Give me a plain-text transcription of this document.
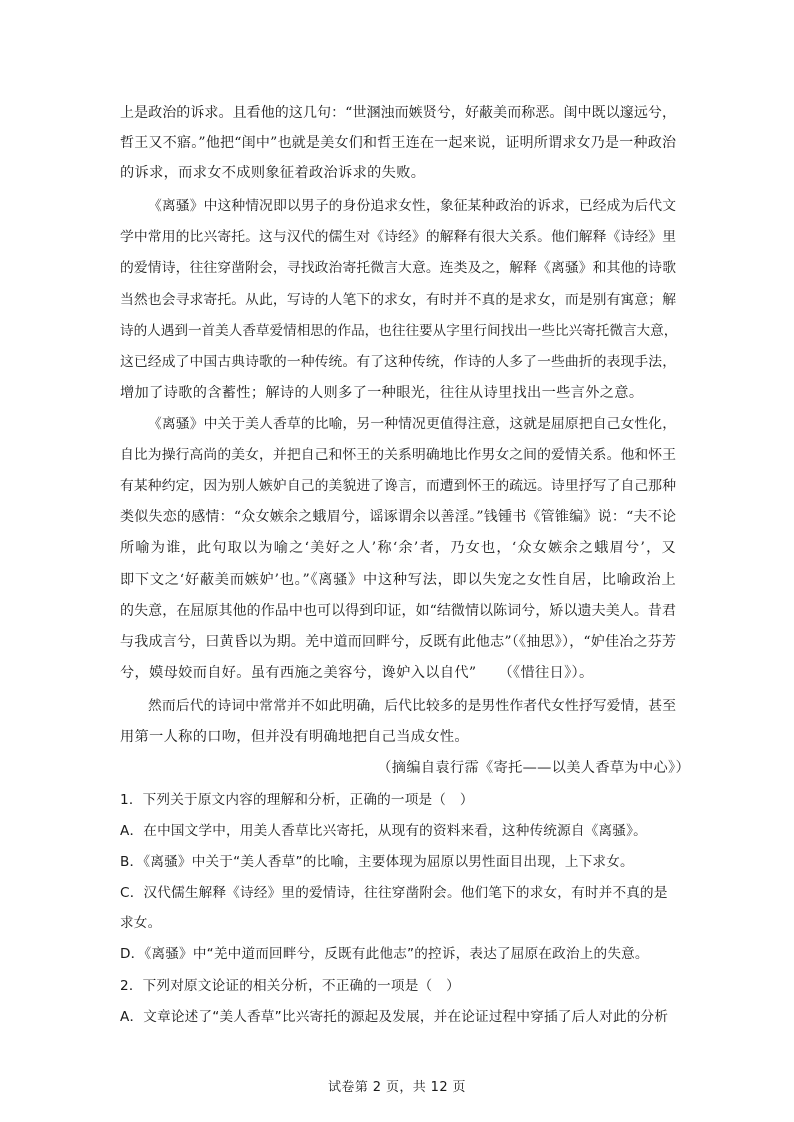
上是政治的诉求。且看他的这几句：“世溷浊而嫉贤兮，好蔽美而称恶。闺中既以邃远兮，
哲王又不寤。”他把“闺中”也就是美女们和哲王连在一起来说，证明所谓求女乃是一种政治
的诉求，而求女不成则象征着政治诉求的失败。
《离骚》中这种情况即以男子的身份追求女性，象征某种政治的诉求，已经成为后代文
学中常用的比兴寄托。这与汉代的儒生对《诗经》的解释有很大关系。他们解释《诗经》里
的爱情诗，往往穿凿附会，寻找政治寄托微言大意。连类及之，解释《离骚》和其他的诗歌
当然也会寻求寄托。从此，写诗的人笔下的求女，有时并不真的是求女，而是别有寓意；解
诗的人遇到一首美人香草爱情相思的作品，也往往要从字里行间找出一些比兴寄托微言大意，
这已经成了中国古典诗歌的一种传统。有了这种传统，作诗的人多了一些曲折的表现手法，
增加了诗歌的含蓄性；解诗的人则多了一种眼光，往往从诗里找出一些言外之意。
《离骚》中关于美人香草的比喻，另一种情况更值得注意，这就是屈原把自己女性化，
自比为操行高尚的美女，并把自己和怀王的关系明确地比作男女之间的爱情关系。他和怀王
有某种约定，因为别人嫉妒自己的美貌进了谗言，而遭到怀王的疏远。诗里抒写了自己那种
类似失恋的感情：“众女嫉余之蛾眉兮，谣诼谓余以善淫。”钱锺书《管锥编》说：“夫不论
所喻为谁，此句取以为喻之‘美好之人’称‘余’者，乃女也，‘众女嫉余之蛾眉兮’，又
即下文之‘好蔽美而嫉妒’也。”《离骚》中这种写法，即以失宠之女性自居，比喻政治上
的失意，在屈原其他的作品中也可以得到印证，如“结微情以陈词兮，矫以遗夫美人。昔君
与我成言兮，曰黄昏以为期。羌中道而回畔兮，反既有此他志”（《抽思》），“妒佳冶之芬芳
兮，嫫母姣而自好。虽有西施之美容兮，谗妒入以自代”　　（《惜往日》）。
然而后代的诗词中常常并不如此明确，后代比较多的是男性作者代女性抒写爱情，甚至
用第一人称的口吻，但并没有明确地把自己当成女性。
（摘编自袁行霈《寄托——以美人香草为中心》）
1．下列关于原文内容的理解和分析，正确的一项是（　）
A．在中国文学中，用美人香草比兴寄托，从现有的资料来看，这种传统源自《离骚》。
B．《离骚》中关于“美人香草”的比喻，主要体现为屈原以男性面目出现，上下求女。
C．汉代儒生解释《诗经》里的爱情诗，往往穿凿附会。他们笔下的求女，有时并不真的是
求女。
D．《离骚》中“羌中道而回畔兮，反既有此他志”的控诉，表达了屈原在政治上的失意。
2．下列对原文论证的相关分析，不正确的一项是（　）
A．文章论述了“美人香草”比兴寄托的源起及发展，并在论证过程中穿插了后人对此的分析
试卷第 2 页，共 12 页
